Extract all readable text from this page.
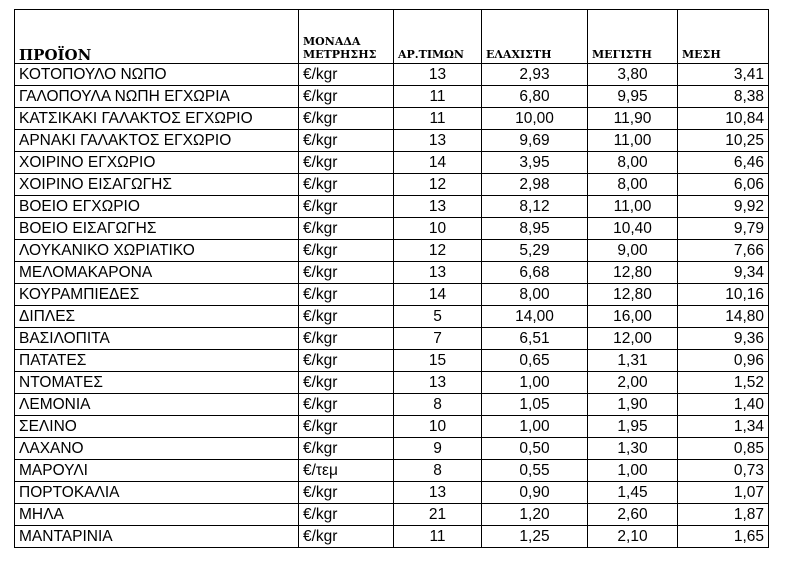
ΠΡΟΪΟΝ	ΜΟΝΑΔΑ ΜΕΤΡΗΣΗΣ	ΑΡ.ΤΙΜΩΝ	ΕΛΑΧΙΣΤΗ	ΜΕΓΙΣΤΗ	ΜΕΣΗ
ΚΟΤΟΠΟΥΛΟ ΝΩΠΟ	€/kgr	13	2,93	3,80	3,41
ΓΑΛΟΠΟΥΛΑ ΝΩΠΗ ΕΓΧΩΡΙΑ	€/kgr	11	6,80	9,95	8,38
ΚΑΤΣΙΚΑΚΙ ΓΑΛΑΚΤΟΣ ΕΓΧΩΡΙΟ	€/kgr	11	10,00	11,90	10,84
ΑΡΝΑΚΙ ΓΑΛΑΚΤΟΣ ΕΓΧΩΡΙΟ	€/kgr	13	9,69	11,00	10,25
ΧΟΙΡΙΝΟ ΕΓΧΩΡΙΟ	€/kgr	14	3,95	8,00	6,46
ΧΟΙΡΙΝΟ ΕΙΣΑΓΩΓΗΣ	€/kgr	12	2,98	8,00	6,06
ΒΟΕΙΟ ΕΓΧΩΡΙΟ	€/kgr	13	8,12	11,00	9,92
ΒΟΕΙΟ ΕΙΣΑΓΩΓΗΣ	€/kgr	10	8,95	10,40	9,79
ΛΟΥΚΑΝΙΚΟ ΧΩΡΙΑΤΙΚΟ	€/kgr	12	5,29	9,00	7,66
ΜΕΛΟΜΑΚΑΡΟΝΑ	€/kgr	13	6,68	12,80	9,34
ΚΟΥΡΑΜΠΙΕΔΕΣ	€/kgr	14	8,00	12,80	10,16
ΔΙΠΛΕΣ	€/kgr	5	14,00	16,00	14,80
ΒΑΣΙΛΟΠΙΤΑ	€/kgr	7	6,51	12,00	9,36
ΠΑΤΑΤΕΣ	€/kgr	15	0,65	1,31	0,96
ΝΤΟΜΑΤΕΣ	€/kgr	13	1,00	2,00	1,52
ΛΕΜΟΝΙΑ	€/kgr	8	1,05	1,90	1,40
ΣΕΛΙΝΟ	€/kgr	10	1,00	1,95	1,34
ΛΑΧΑΝΟ	€/kgr	9	0,50	1,30	0,85
ΜΑΡΟΥΛΙ	€/τεμ	8	0,55	1,00	0,73
ΠΟΡΤΟΚΑΛΙΑ	€/kgr	13	0,90	1,45	1,07
ΜΗΛΑ	€/kgr	21	1,20	2,60	1,87
ΜΑΝΤΑΡΙΝΙΑ	€/kgr	11	1,25	2,10	1,65
